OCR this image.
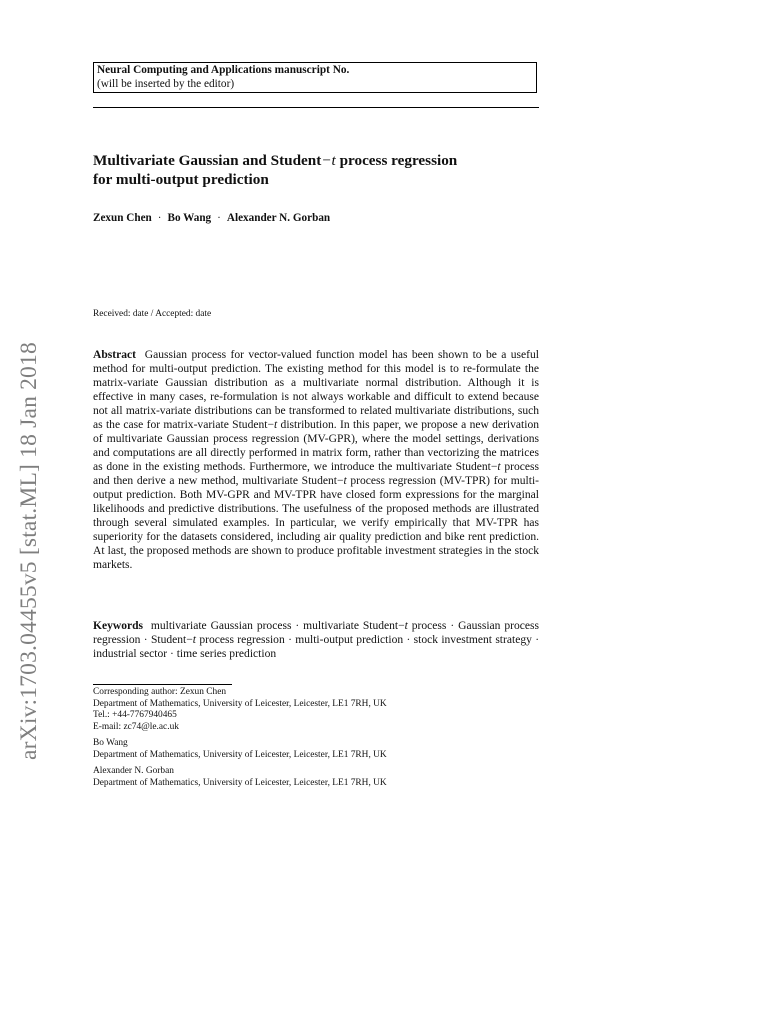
arXiv:1703.04455v5 [stat.ML] 18 Jan 2018
Neural Computing and Applications manuscript No.
(will be inserted by the editor)
Multivariate Gaussian and Student−t process regression
for multi-output prediction
Zexun Chen · Bo Wang · Alexander N. Gorban
Received: date / Accepted: date

Abstract Gaussian process for vector-valued function model has been shown to be a useful method for multi-output prediction. The existing method for this model is to re-formulate the matrix-variate Gaussian distribution as a multivariate normal distribution. Although it is effective in many cases, re-formulation is not always workable and difficult to extend because not all matrix-variate distributions can be transformed to related multivariate distributions, such as the case for matrix-variate Student−t distribution. In this paper, we propose a new derivation of multivariate Gaussian process regression (MV-GPR), where the model settings, derivations and computations are all directly performed in matrix form, rather than vectorizing the matrices as done in the existing methods. Furthermore, we introduce the multivariate Student−t process and then derive a new method, multivariate Student−t process regression (MV-TPR) for multi-output prediction. Both MV-GPR and MV-TPR have closed form expressions for the marginal likelihoods and predictive distributions. The usefulness of the proposed methods are illustrated through several simulated examples. In particular, we verify empirically that MV-TPR has superiority for the datasets considered, including air quality prediction and bike rent prediction. At last, the proposed methods are shown to produce profitable investment strategies in the stock markets.

Keywords multivariate Gaussian process · multivariate Student−t process · Gaussian process regression · Student−t process regression · multi-output prediction · stock investment strategy · industrial sector · time series prediction

Corresponding author: Zexun Chen
Department of Mathematics, University of Leicester, Leicester, LE1 7RH, UK
Tel.: +44-7767940465
E-mail: zc74@le.ac.uk
Bo Wang
Department of Mathematics, University of Leicester, Leicester, LE1 7RH, UK
Alexander N. Gorban
Department of Mathematics, University of Leicester, Leicester, LE1 7RH, UK
